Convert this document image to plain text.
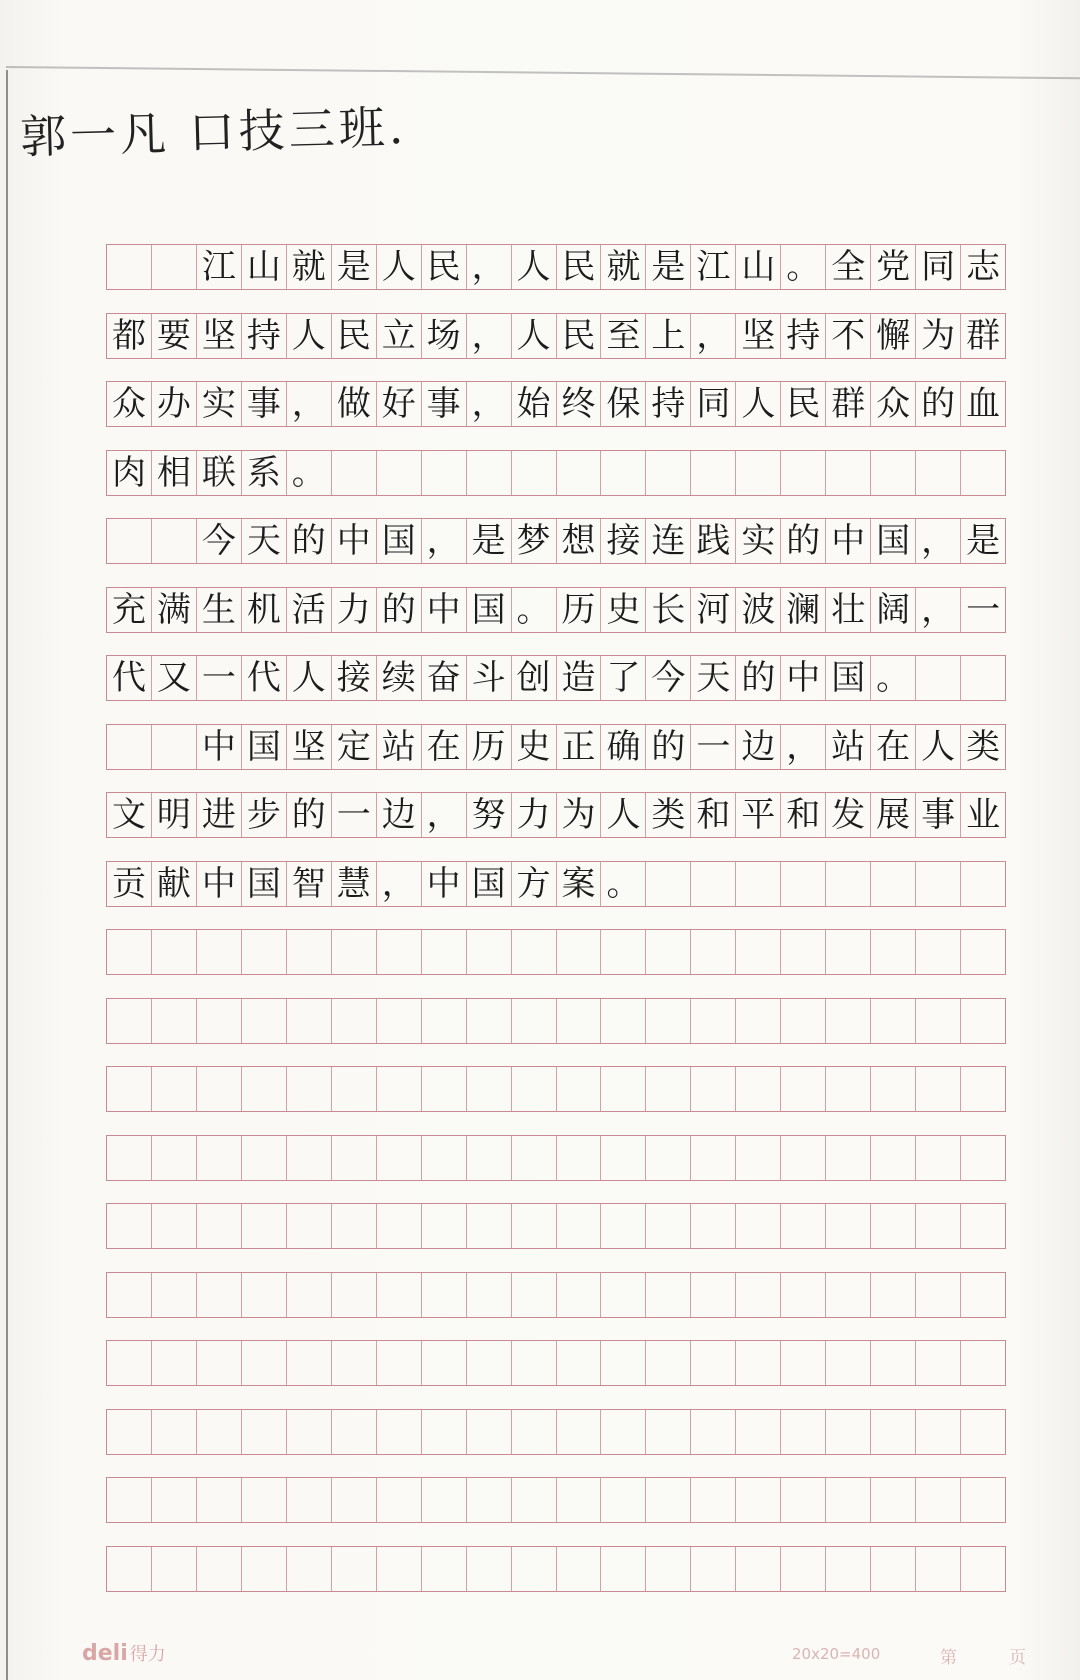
郭一凡 口技三班.
江 山 就 是 人 民 ， 人 民 就 是 江 山 。 全 党 同 志
都 要 坚 持 人 民 立 场 ， 人 民 至 上 ， 坚 持 不 懈 为 群
众 办 实 事 ， 做 好 事 ， 始 终 保 持 同 人 民 群 众 的 血
肉 相 联 系 。
今 天 的 中 国 ， 是 梦 想 接 连 践 实 的 中 国 ， 是
充 满 生 机 活 力 的 中 国 。 历 史 长 河 波 澜 壮 阔 ， 一
代 又 一 代 人 接 续 奋 斗 创 造 了 今 天 的 中 国 。
中 国 坚 定 站 在 历 史 正 确 的 一 边 ， 站 在 人 类
文 明 进 步 的 一 边 ， 努 力 为 人 类 和 平 和 发 展 事 业
贡 献 中 国 智 慧 ， 中 国 方 案 。
deli 得力	20x20=400	第	页
